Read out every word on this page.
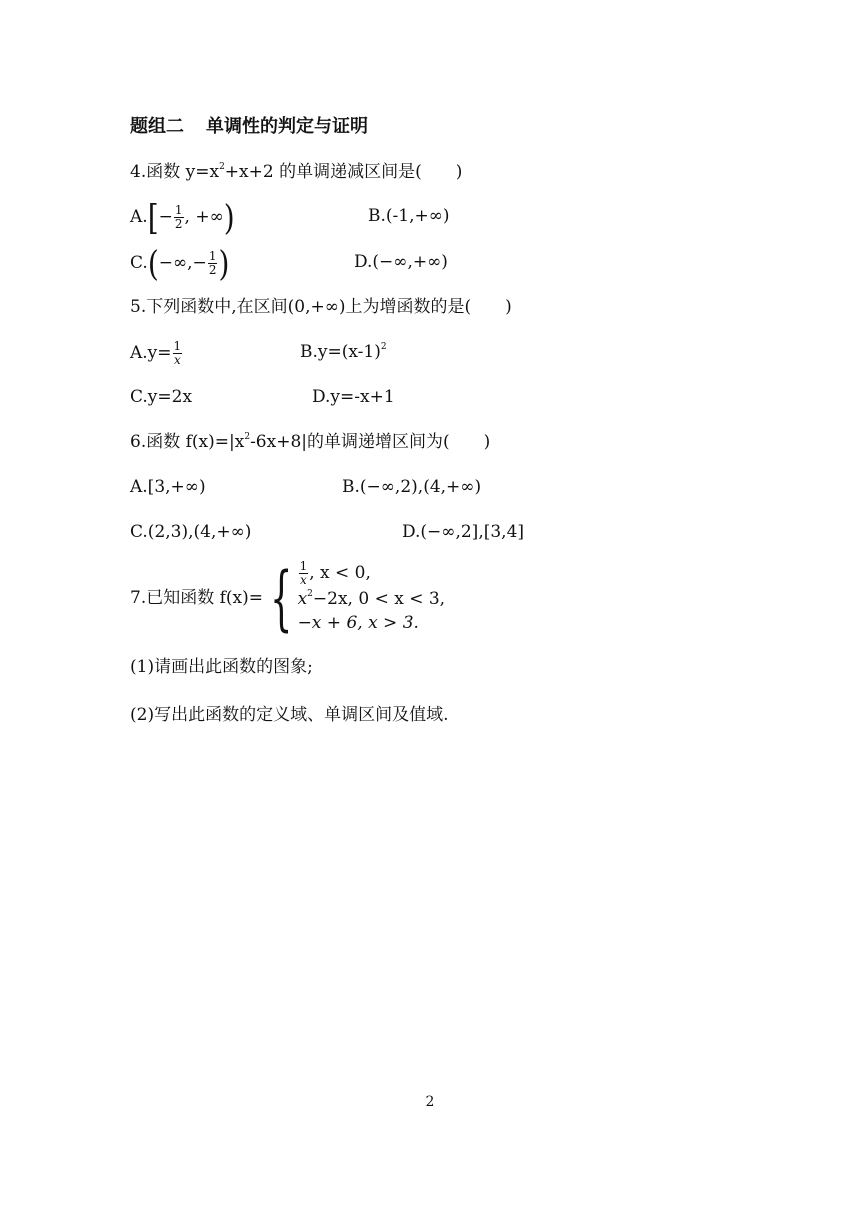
题组二 单调性的判定与证明
4.函数 $y=x^2+x+2$ 的单调递减区间是(　　)
$A.[- \frac{1}{2}$ , +∞)	B.(-1,+∞)
$C.(-\infty,- \frac{1}{2}$ )	D.(−∞,+∞)
5.下列函数中,在区间(0,+∞)上为增函数的是(　　)
$A.y= \frac{1}{x}$	$B.y=(x-1)^2$
C.y=2x	D.y=-x+1
6.函数 $f(x)=|x^2-6x+8|$的单调递增区间为(　　)
A.[3,+∞)	B.(−∞,2),(4,+∞)
C.(2,3),(4,+∞)	D.(−∞,2],[3,4]
7.已知函数 f(x)= { $\frac{1}{x}$ , x < 0,
$x^2-2x$, 0 < x < 3,
−x + 6, x > 3.
(1)请画出此函数的图象;
(2)写出此函数的定义域、单调区间及值域.
2
